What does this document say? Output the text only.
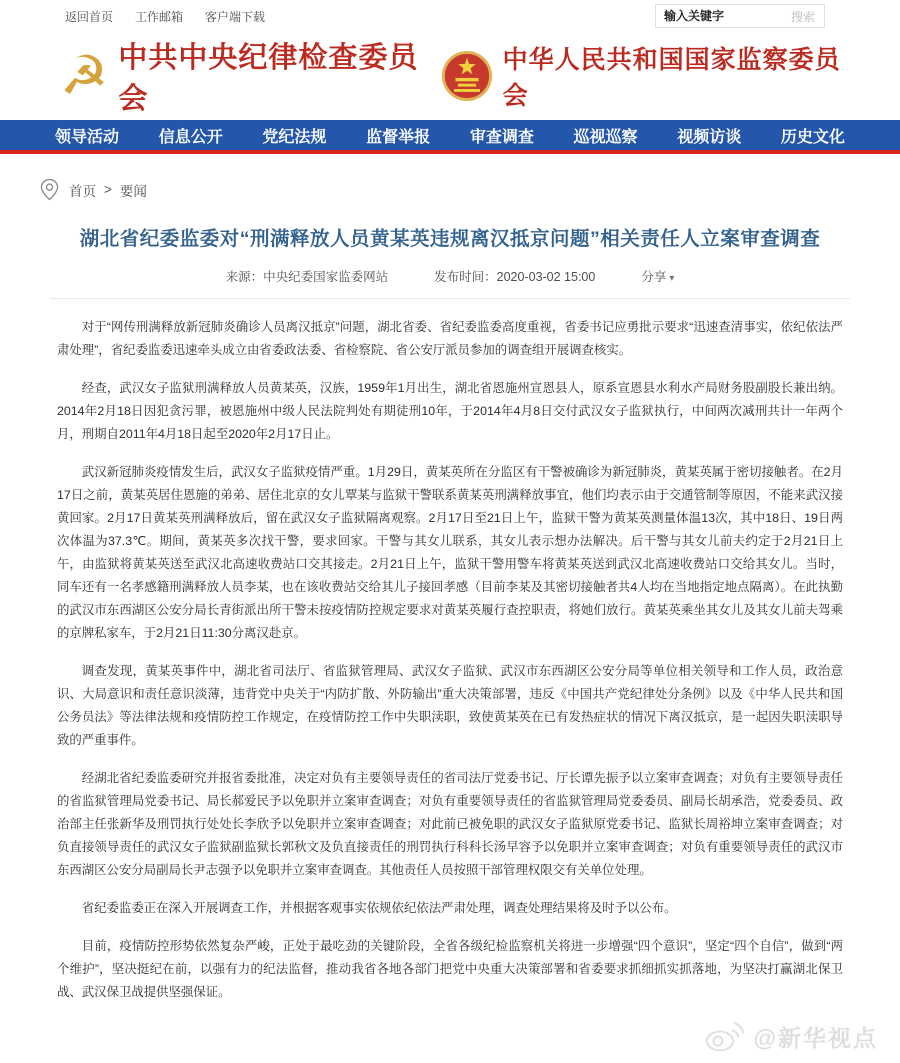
返回首页 工作邮箱 客户端下载
输入关键字	搜索
☭ 中共中央纪律检查委员会
中华人民共和国国家监察委员会
领导活动 信息公开 党纪法规 监督举报 审查调查 巡视巡察 视频访谈 历史文化
首页 > 要闻
湖北省纪委监委对“刑满释放人员黄某英违规离汉抵京问题”相关责任人立案审查调查
来源：中央纪委国家监委网站	发布时间：2020-03-02 15:00	分享 ▾

对于“网传刑满释放新冠肺炎确诊人员离汉抵京”问题，湖北省委、省纪委监委高度重视，省委书记应勇批示要求“迅速查清事实，依纪依法严肃处理”，省纪委监委迅速牵头成立由省委政法委、省检察院、省公安厅派员参加的调查组开展调查核实。

经查，武汉女子监狱刑满释放人员黄某英，汉族，1959年1月出生，湖北省恩施州宣恩县人，原系宣恩县水利水产局财务股副股长兼出纳。2014年2月18日因犯贪污罪，被恩施州中级人民法院判处有期徒刑10年，于2014年4月8日交付武汉女子监狱执行，中间两次减刑共计一年两个月，刑期自2011年4月18日起至2020年2月17日止。

武汉新冠肺炎疫情发生后，武汉女子监狱疫情严重。1月29日，黄某英所在分监区有干警被确诊为新冠肺炎，黄某英属于密切接触者。在2月17日之前，黄某英居住恩施的弟弟、居住北京的女儿覃某与监狱干警联系黄某英刑满释放事宜，他们均表示由于交通管制等原因，不能来武汉接黄回家。2月17日黄某英刑满释放后，留在武汉女子监狱隔离观察。2月17日至21日上午，监狱干警为黄某英测量体温13次，其中18日、19日两次体温为37.3℃。期间，黄某英多次找干警，要求回家。干警与其女儿联系，其女儿表示想办法解决。后干警与其女儿前夫约定于2月21日上午，由监狱将黄某英送至武汉北高速收费站口交其接走。2月21日上午，监狱干警用警车将黄某英送到武汉北高速收费站口交给其女儿。当时，同车还有一名孝感籍刑满释放人员李某，也在该收费站交给其儿子接回孝感（目前李某及其密切接触者共4人均在当地指定地点隔离）。在此执勤的武汉市东西湖区公安分局长青街派出所干警未按疫情防控规定要求对黄某英履行查控职责，将她们放行。黄某英乘坐其女儿及其女儿前夫驾乘的京牌私家车，于2月21日11:30分离汉赴京。

调查发现，黄某英事件中，湖北省司法厅、省监狱管理局、武汉女子监狱、武汉市东西湖区公安分局等单位相关领导和工作人员，政治意识、大局意识和责任意识淡薄，违背党中央关于“内防扩散、外防输出”重大决策部署，违反《中国共产党纪律处分条例》以及《中华人民共和国公务员法》等法律法规和疫情防控工作规定，在疫情防控工作中失职渎职，致使黄某英在已有发热症状的情况下离汉抵京，是一起因失职渎职导致的严重事件。

经湖北省纪委监委研究并报省委批准，决定对负有主要领导责任的省司法厅党委书记、厅长谭先振予以立案审查调查；对负有主要领导责任的省监狱管理局党委书记、局长郝爱民予以免职并立案审查调查；对负有重要领导责任的省监狱管理局党委委员、副局长胡承浩，党委委员、政治部主任张新华及刑罚执行处处长李欣予以免职并立案审查调查；对此前已被免职的武汉女子监狱原党委书记、监狱长周裕坤立案审查调查；对负直接领导责任的武汉女子监狱副监狱长郭秋文及负直接责任的刑罚执行科科长汤早容予以免职并立案审查调查；对负有重要领导责任的武汉市东西湖区公安分局副局长尹志强予以免职并立案审查调查。其他责任人员按照干部管理权限交有关单位处理。

省纪委监委正在深入开展调查工作，并根据客观事实依规依纪依法严肃处理，调查处理结果将及时予以公布。

目前，疫情防控形势依然复杂严峻，正处于最吃劲的关键阶段，全省各级纪检监察机关将进一步增强“四个意识”，坚定“四个自信”，做到“两个维护”，坚决挺纪在前，以强有力的纪法监督，推动我省各地各部门把党中央重大决策部署和省委要求抓细抓实抓落地，为坚决打赢湖北保卫战、武汉保卫战提供坚强保证。

@新华视点
